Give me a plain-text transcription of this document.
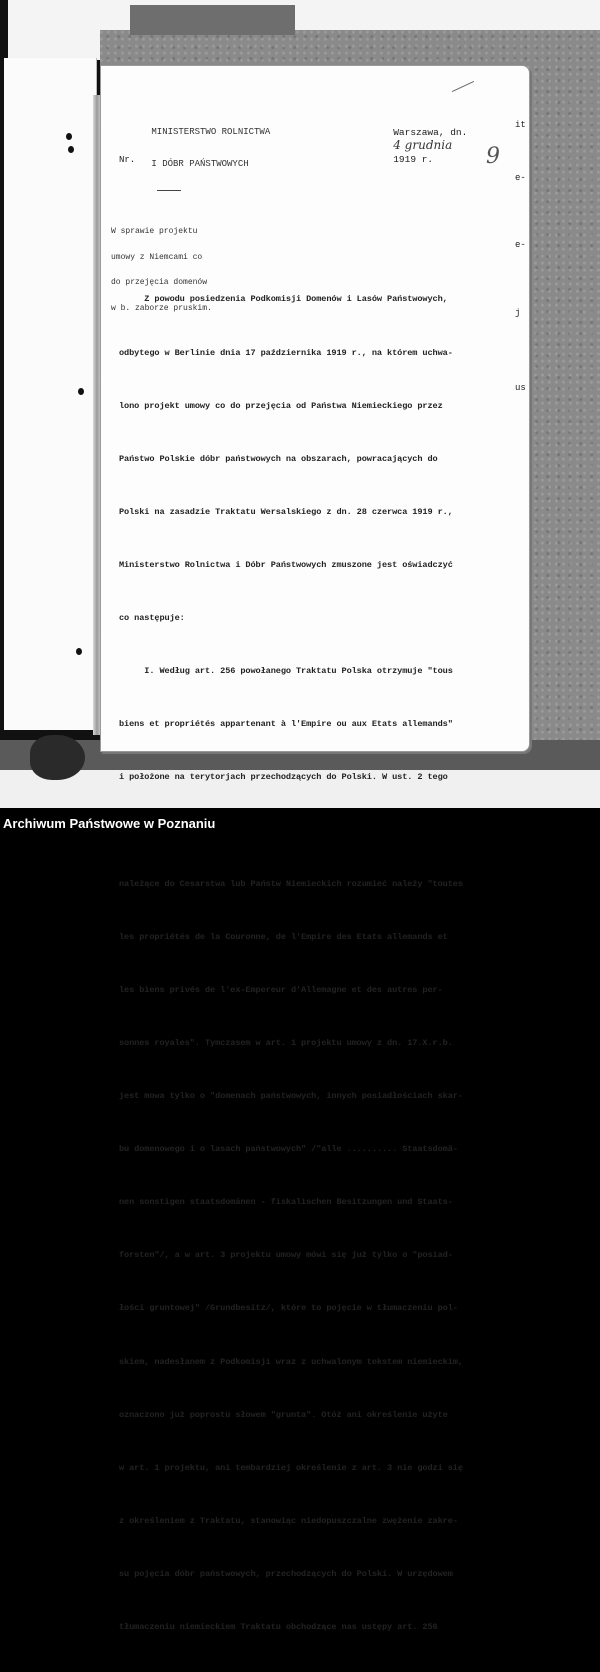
MINISTERSTWO ROLNICTWA

I DÓBR PAŃSTWOWYCH

Nr.

Warszawa, dn.
4 grudnia
1919 r.
	9

W sprawie projektu

umowy z Niemcami co

do przejęcia domenów

w b. zaborze pruskim.

Z powodu posiedzenia Podkomisji Domenów i Lasów Państwowych,

odbytego w Berlinie dnia 17 października 1919 r., na którem uchwa-

lono projekt umowy co do przejęcia od Państwa Niemieckiego przez

Państwo Polskie dóbr państwowych na obszarach, powracających do

Polski na zasadzie Traktatu Wersalskiego z dn. 28 czerwca 1919 r.,

Ministerstwo Rolnictwa i Dóbr Państwowych zmuszone jest oświadczyć

co następuje:

I. Według art. 256 powołanego Traktatu Polska otrzymuje "tous

biens et propriétés appartenant à l'Empire ou aux Etats allemands"

i położone na terytorjach przechodzących do Polski. W ust. 2 tego

należące do Cesarstwa lub Państw Niemieckich rozumieć należy "toutes

les propriétés de la Couronne, de l'Empire des Etats allemands et

les biens privés de l'ex-Empereur d'Allemagne et des autres per-

sonnes royales". Tymczasem w art. 1 projektu umowy z dn. 17.X.r.b.

jest mowa tylko o "domenach państwowych, innych posiadłościach skar-

bu domenowego i o lasach państwowych" /"alle .......... Staatsdomä-

nen sonstigen staatsdomänen - fiskalischen Besitzungen und Staats-

forsten"/, a w art. 3 projektu umowy mówi się już tylko o "posiad-

łości gruntowej" /Grundbesitz/, które to pojęcie w tłumaczeniu pol-

skiem, nadesłanem z Podkomisji wraz z uchwalonym tekstem niemieckim,

oznaczono już poprostu słowem "grunta". Otóż ani określenie użyte

w art. 1 projektu, ani tembardziej określenie z art. 3 nie godzi się

z określeniem z Traktatu, stanowiąc niedopuszczalne zwężenie zakre-

su pojęcia dóbr państwowych, przechodzących do Polski. W urzędowem

tłumaczeniu niemieckiem Traktatu obchodzące nas ustępy art. 256

it
e-
e-
j
us
Archiwum Państwowe w Poznaniu
